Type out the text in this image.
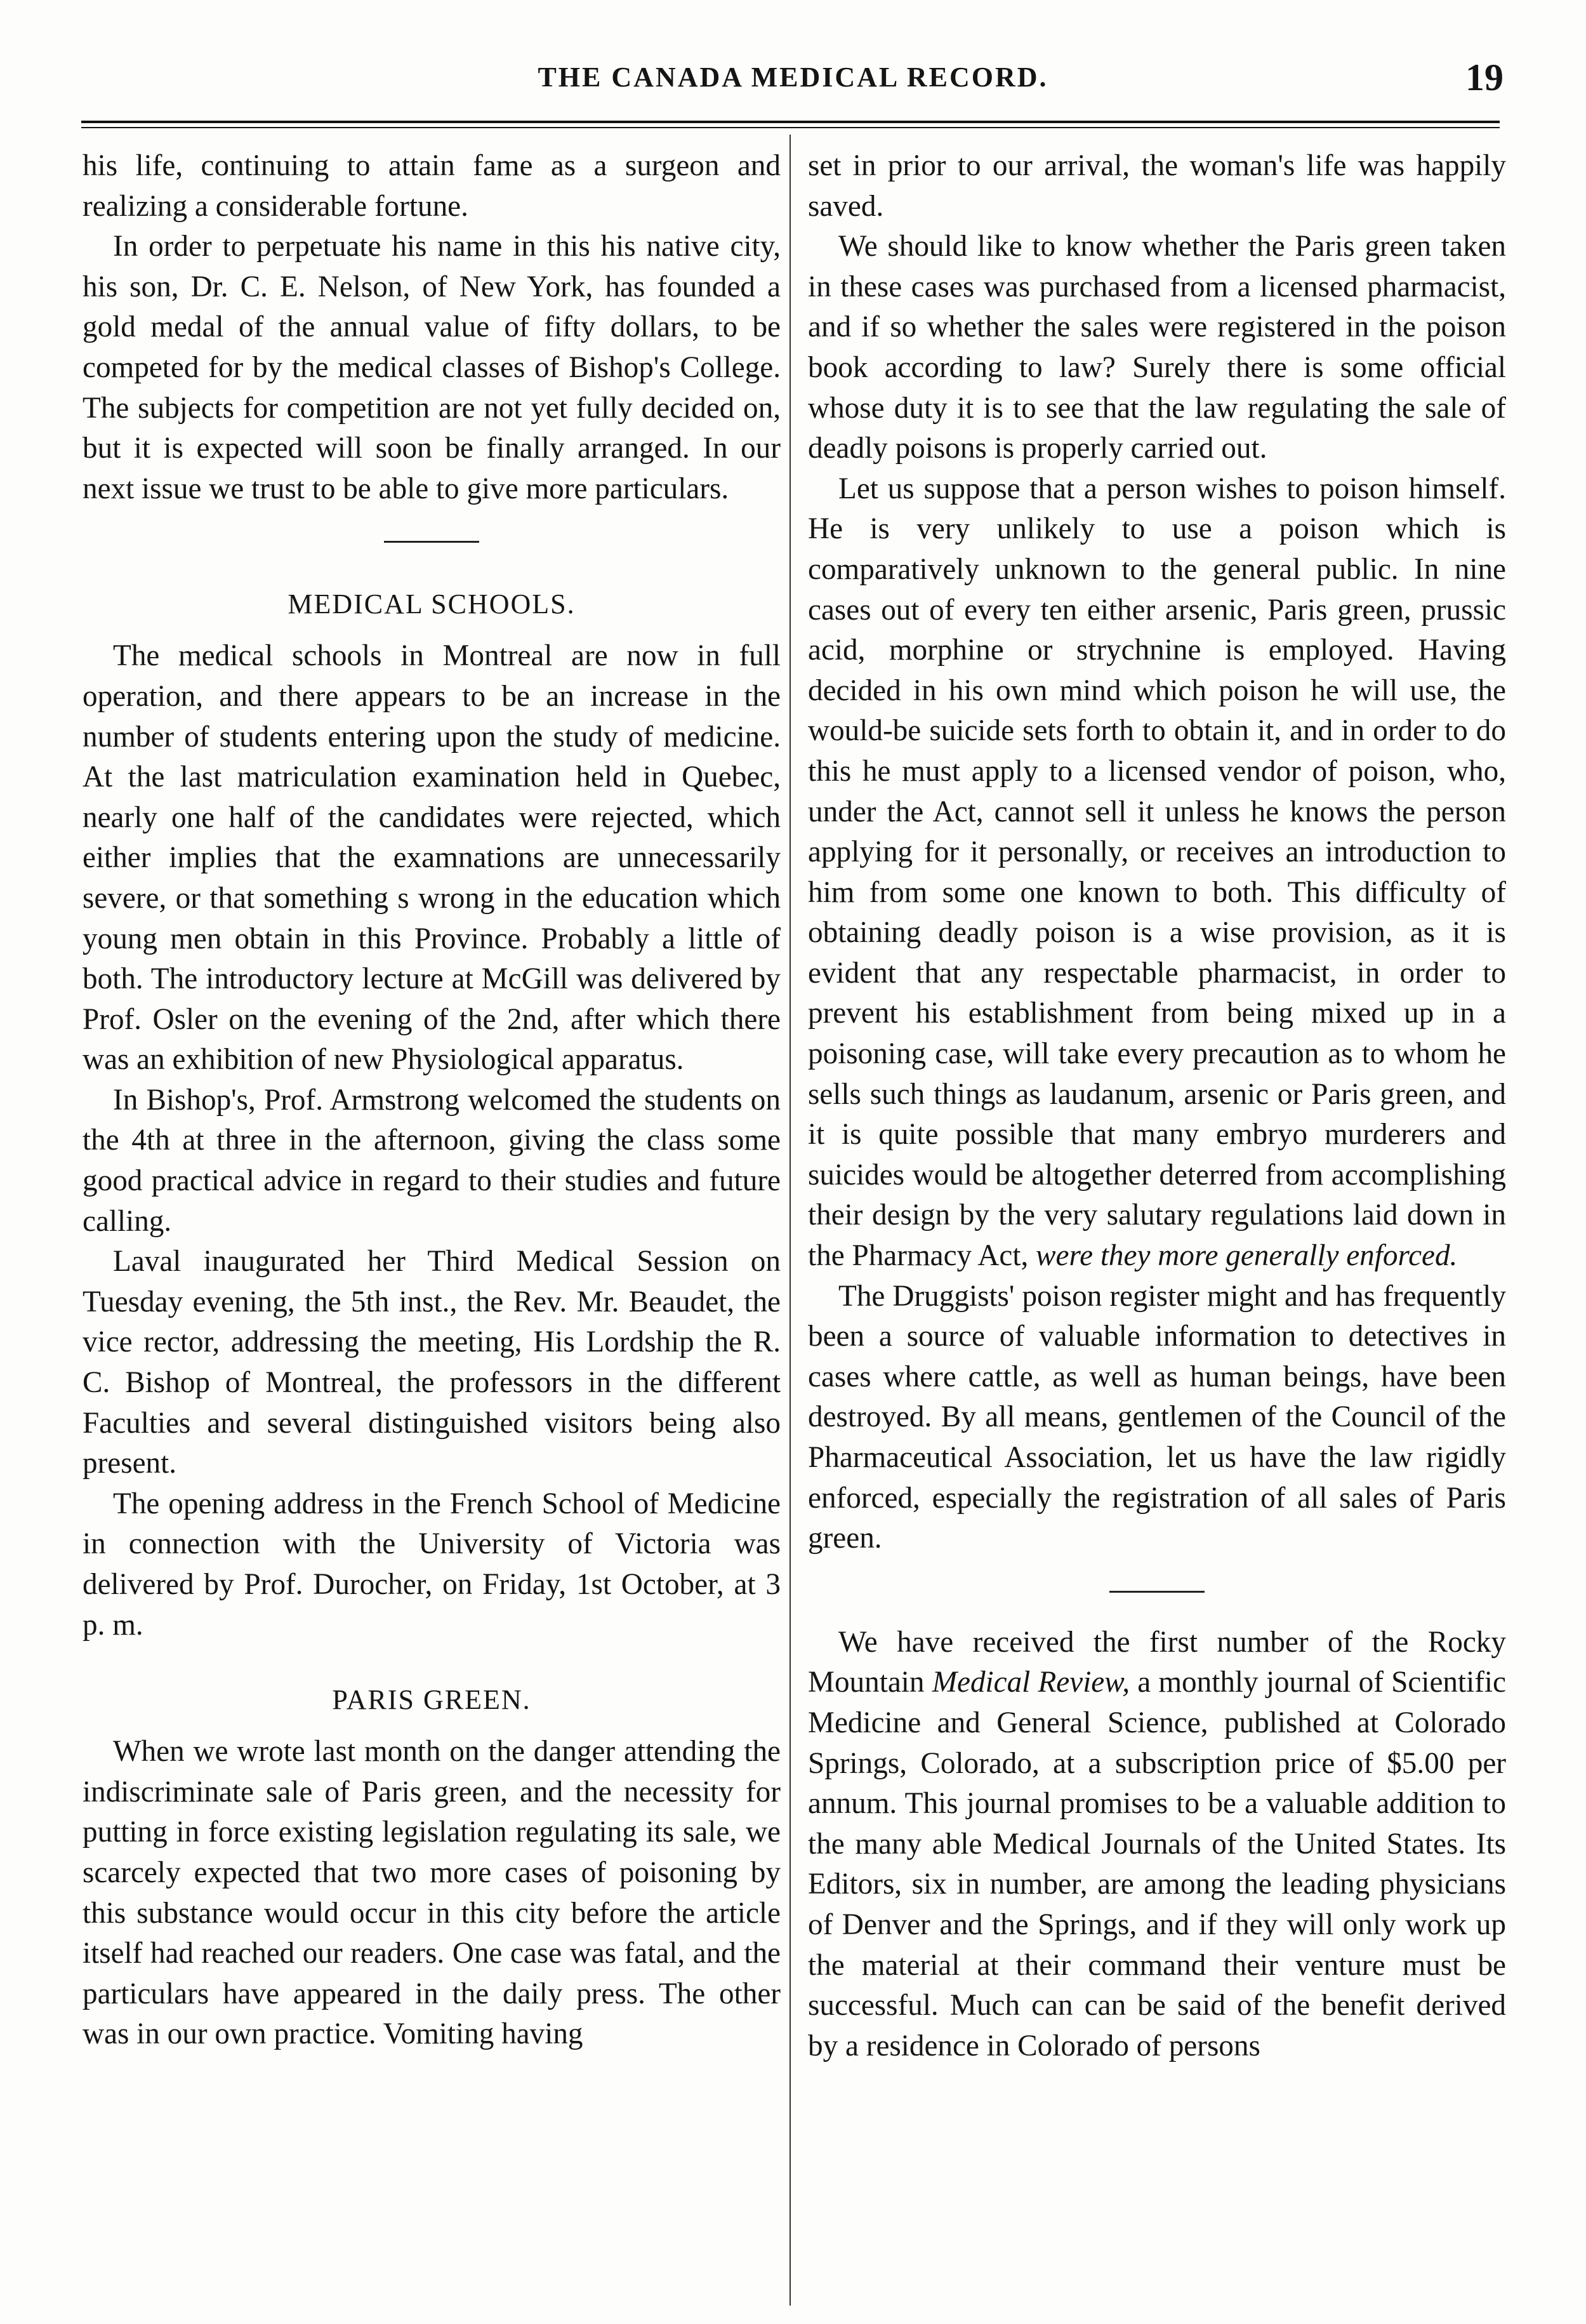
THE CANADA MEDICAL RECORD.	19

his life, continuing to attain fame as a surgeon and realizing a considerable fortune.

In order to perpetuate his name in this his native city, his son, Dr. C. E. Nelson, of New York, has founded a gold medal of the annual value of fifty dollars, to be competed for by the medical classes of Bishop's College. The subjects for competition are not yet fully decided on, but it is expected will soon be finally arranged. In our next issue we trust to be able to give more particulars.

MEDICAL SCHOOLS.

The medical schools in Montreal are now in full operation, and there appears to be an increase in the number of students entering upon the study of medicine. At the last matriculation examination held in Quebec, nearly one half of the candidates were rejected, which either implies that the examnations are unnecessarily severe, or that something s wrong in the education which young men obtain in this Province. Probably a little of both. The introductory lecture at McGill was delivered by Prof. Osler on the evening of the 2nd, after which there was an exhibition of new Physiological apparatus.

In Bishop's, Prof. Armstrong welcomed the students on the 4th at three in the afternoon, giving the class some good practical advice in regard to their studies and future calling.

Laval inaugurated her Third Medical Session on Tuesday evening, the 5th inst., the Rev. Mr. Beaudet, the vice rector, addressing the meeting, His Lordship the R. C. Bishop of Montreal, the professors in the different Faculties and several distinguished visitors being also present.

The opening address in the French School of Medicine in connection with the University of Victoria was delivered by Prof. Durocher, on Friday, 1st October, at 3 p. m.

PARIS GREEN.

When we wrote last month on the danger attending the indiscriminate sale of Paris green, and the necessity for putting in force existing legislation regulating its sale, we scarcely expected that two more cases of poisoning by this substance would occur in this city before the article itself had reached our readers. One case was fatal, and the particulars have appeared in the daily press. The other was in our own practice. Vomiting having

set in prior to our arrival, the woman's life was happily saved.

We should like to know whether the Paris green taken in these cases was purchased from a licensed pharmacist, and if so whether the sales were registered in the poison book according to law? Surely there is some official whose duty it is to see that the law regulating the sale of deadly poisons is properly carried out.

Let us suppose that a person wishes to poison himself. He is very unlikely to use a poison which is comparatively unknown to the general public. In nine cases out of every ten either arsenic, Paris green, prussic acid, morphine or strychnine is employed. Having decided in his own mind which poison he will use, the would-be suicide sets forth to obtain it, and in order to do this he must apply to a licensed vendor of poison, who, under the Act, cannot sell it unless he knows the person applying for it personally, or receives an introduction to him from some one known to both. This difficulty of obtaining deadly poison is a wise provision, as it is evident that any respectable pharmacist, in order to prevent his establishment from being mixed up in a poisoning case, will take every precaution as to whom he sells such things as laudanum, arsenic or Paris green, and it is quite possible that many embryo murderers and suicides would be altogether deterred from accomplishing their design by the very salutary regulations laid down in the Pharmacy Act, were they more generally enforced.

The Druggists' poison register might and has frequently been a source of valuable information to detectives in cases where cattle, as well as human beings, have been destroyed. By all means, gentlemen of the Council of the Pharmaceutical Association, let us have the law rigidly enforced, especially the registration of all sales of Paris green.

We have received the first number of the Rocky Mountain Medical Review, a monthly journal of Scientific Medicine and General Science, published at Colorado Springs, Colorado, at a subscription price of $5.00 per annum. This journal promises to be a valuable addition to the many able Medical Journals of the United States. Its Editors, six in number, are among the leading physicians of Denver and the Springs, and if they will only work up the material at their command their venture must be successful. Much can can be said of the benefit derived by a residence in Colorado of persons
